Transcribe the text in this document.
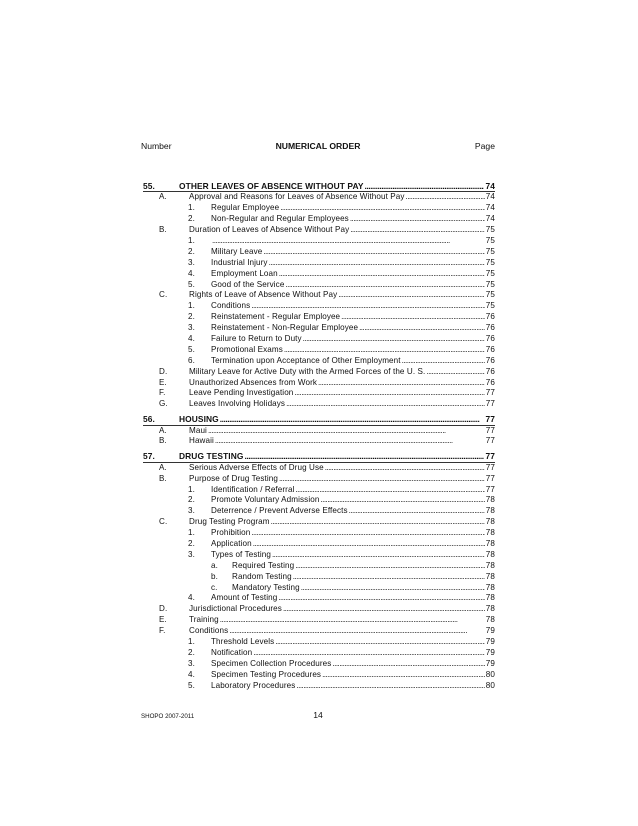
Number	NUMERICAL ORDER	Page
55.	OTHER LEAVES OF ABSENCE WITHOUT PAY . . .	74
A.	Approval and Reasons for Leaves of Absence Without Pay . . .	74
1. Regular Employee . . .	74
2. Non-Regular and Regular Employees . . .	74
B.	Duration of Leaves of Absence Without Pay . . .	75
1. . . .	75
2. Military Leave . . .	75
3. Industrial Injury . . .	75
4. Employment Loan . . .	75
5. Good of the Service . . .	75
C.	Rights of Leave of Absence Without Pay . . .	75
1. Conditions . . .	75
2. Reinstatement - Regular Employee . . .	76
3. Reinstatement - Non-Regular Employee . . .	76
4. Failure to Return to Duty . . .	76
5. Promotional Exams . . .	76
6. Termination upon Acceptance of Other Employment . . .	76
D.	Military Leave for Active Duty with the Armed Forces of the U. S. . . .	76
E.	Unauthorized Absences from Work . . .	76
F.	Leave Pending Investigation . . .	77
G.	Leaves Involving Holidays . . .	77
56.	HOUSING . . .	77
A.	Maui . . .	77
B.	Hawaii . . .	77
57.	DRUG TESTING . . .	77
A.	Serious Adverse Effects of Drug Use . . .	77
B.	Purpose of Drug Testing . . .	77
1. Identification / Referral . . .	77
2. Promote Voluntary Admission . . .	78
3. Deterrence / Prevent Adverse Effects . . .	78
C.	Drug Testing Program . . .	78
1. Prohibition . . .	78
2. Application . . .	78
3. Types of Testing . . .	78
a. Required Testing . . .	78
b. Random Testing . . .	78
c. Mandatory Testing . . .	78
4. Amount of Testing . . .	78
D.	Jurisdictional Procedures . . .	78
E.	Training . . .	78
F.	Conditions . . .	79
1. Threshold Levels . . .	79
2. Notification . . .	79
3. Specimen Collection Procedures . . .	79
4. Specimen Testing Procedures . . .	80
5. Laboratory Procedures . . .	80
SHOPO 2007-2011	14
